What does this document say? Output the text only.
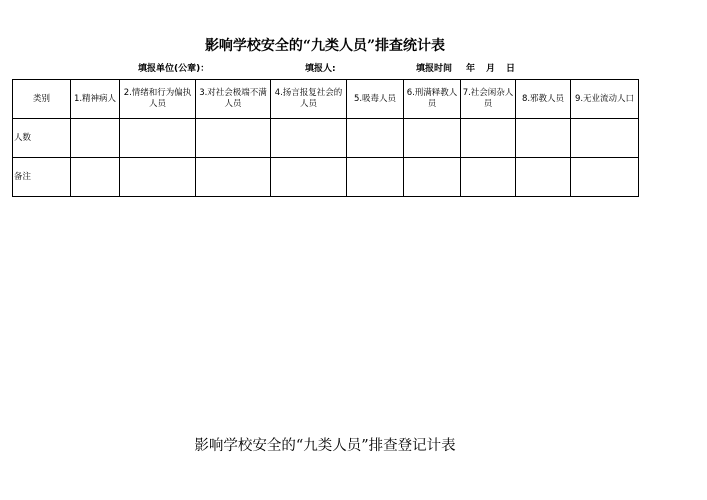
影响学校安全的“九类人员”排查统计表
填报单位(公章)：	填报人:	填报时间 年 月 日
类别	1.精神病人	2.情绪和行为偏执人员	3.对社会极端不满人员	4.扬言报复社会的人员	5.吸毒人员	6.刑满释教人员	7.社会闲杂人员	8.邪教人员	9.无业流动人口
人数									
备注									
影响学校安全的“九类人员”排查登记计表
